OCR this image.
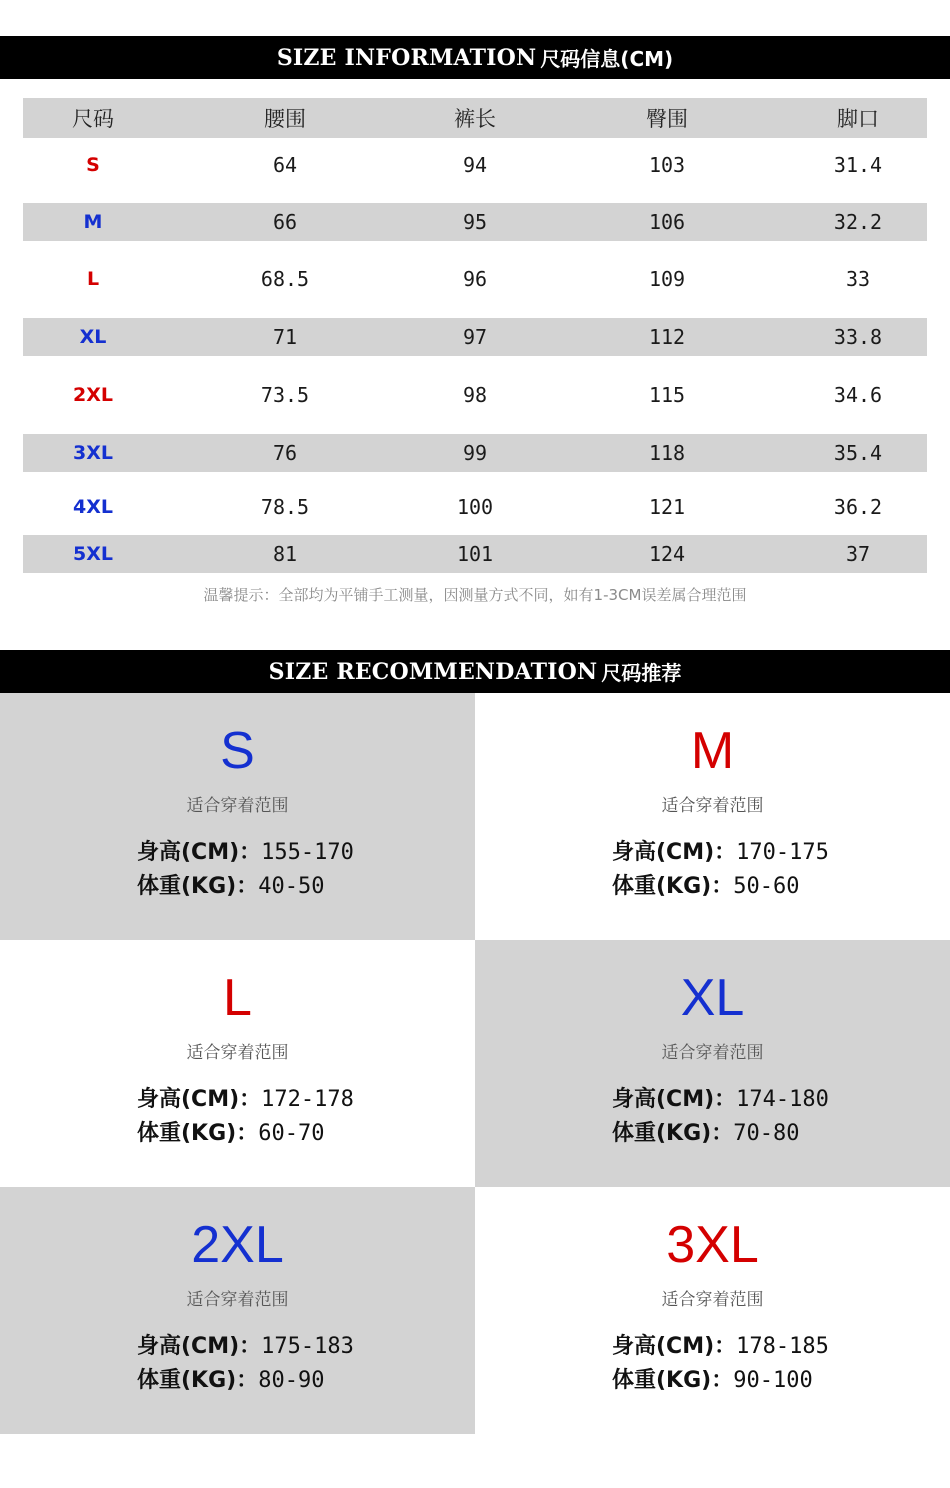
SIZE INFORMATION 尺码信息(CM)
尺码	腰围	裤长	臀围	脚口
S	64	94	103	31.4
M	66	95	106	32.2
L	68.5	96	109	33
XL	71	97	112	33.8
2XL	73.5	98	115	34.6
3XL	76	99	118	35.4
4XL	78.5	100	121	36.2
5XL	81	101	124	37
温馨提示：全部均为平铺手工测量，因测量方式不同，如有1-3CM误差属合理范围
SIZE RECOMMENDATION 尺码推荐
S
适合穿着范围
身高(CM)：155-170
体重(KG)：40-50
M
适合穿着范围
身高(CM)：170-175
体重(KG)：50-60
L
适合穿着范围
身高(CM)：172-178
体重(KG)：60-70
XL
适合穿着范围
身高(CM)：174-180
体重(KG)：70-80
2XL
适合穿着范围
身高(CM)：175-183
体重(KG)：80-90
3XL
适合穿着范围
身高(CM)：178-185
体重(KG)：90-100
